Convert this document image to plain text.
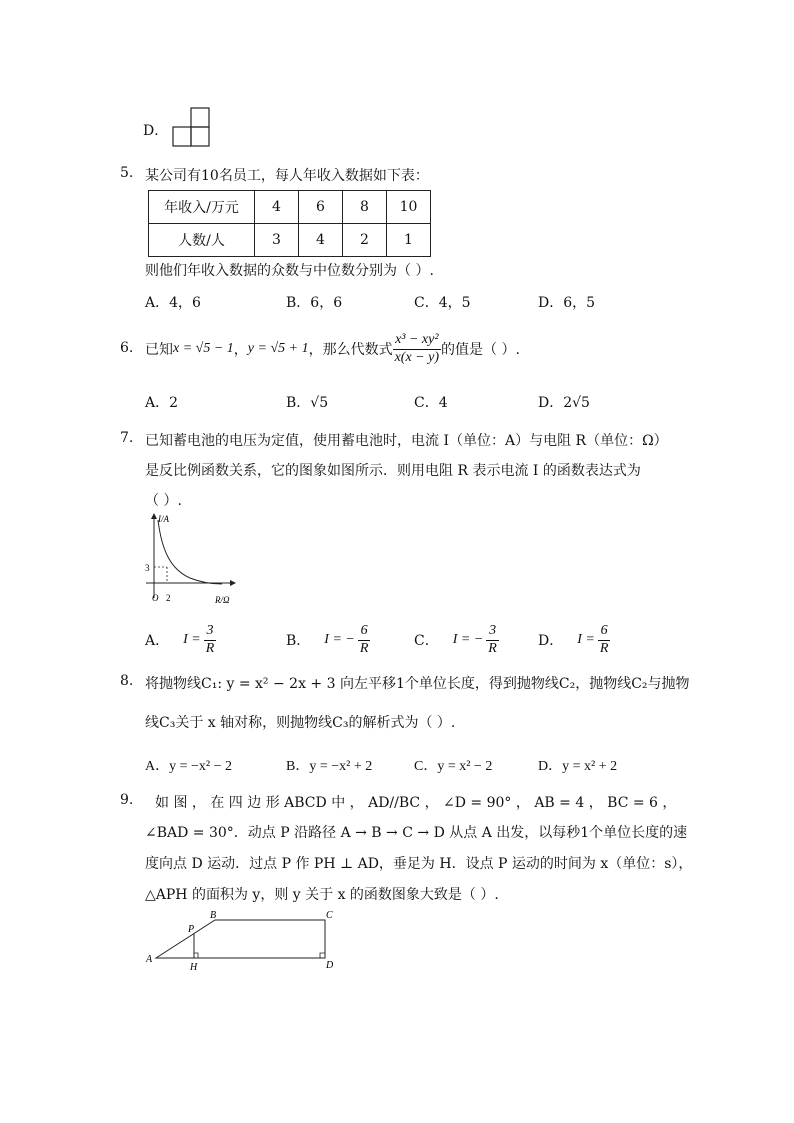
D．
5. 某公司有10名员工，每人年收入数据如下表：
年收入/万元	4	6	8	10
人数/人	3	4	2	1
则他们年收入数据的众数与中位数分别为（ ）.
A．4，6	B．6，6	C．4，5	D．6，5
6. 已知 x = √5 − 1 ， y = √5 + 1 ，那么代数式 $\frac{\text{x³ − xy²}}{x(x - y)}$ 的值是（ ）.
A．2	B．√5	C．4	D．2√5
7. 已知蓄电池的电压为定值，使用蓄电池时，电流 I（单位：A）与电阻 R（单位：Ω）
是反比例函数关系，它的图象如图所示．则用电阻 R 表示电流 I 的函数表达式为
（ ）.
I/A
R/Ω
O 2
3
A． $I = \frac{3}{R}$	B． I = − $\frac{6}{R}$	C． I = − $\frac{3}{R}$	D． $I = \frac{6}{R}$
8. 将抛物线C₁: y = x² − 2x + 3 向左平移1个单位长度，得到抛物线C₂，抛物线C₂与抛物
线C₃关于 x 轴对称，则抛物线C₃的解析式为（ ）.
A．y = −x² − 2	B．y = −x² + 2	C．y = x² − 2	D．y = x² + 2
9. 如 图 ， 在 四 边 形 ABCD 中 ， AD//BC ， ∠D = 90° ， AB = 4 ， BC = 6 ，
∠BAD = 30°．动点 P 沿路径 A → B → C → D 从点 A 出发，以每秒1个单位长度的速
度向点 D 运动．过点 P 作 PH ⊥ AD，垂足为 H．设点 P 运动的时间为 x（单位：s），
△APH 的面积为 y，则 y 关于 x 的函数图象大致是（ ）.
A
B	C
D
P
H
